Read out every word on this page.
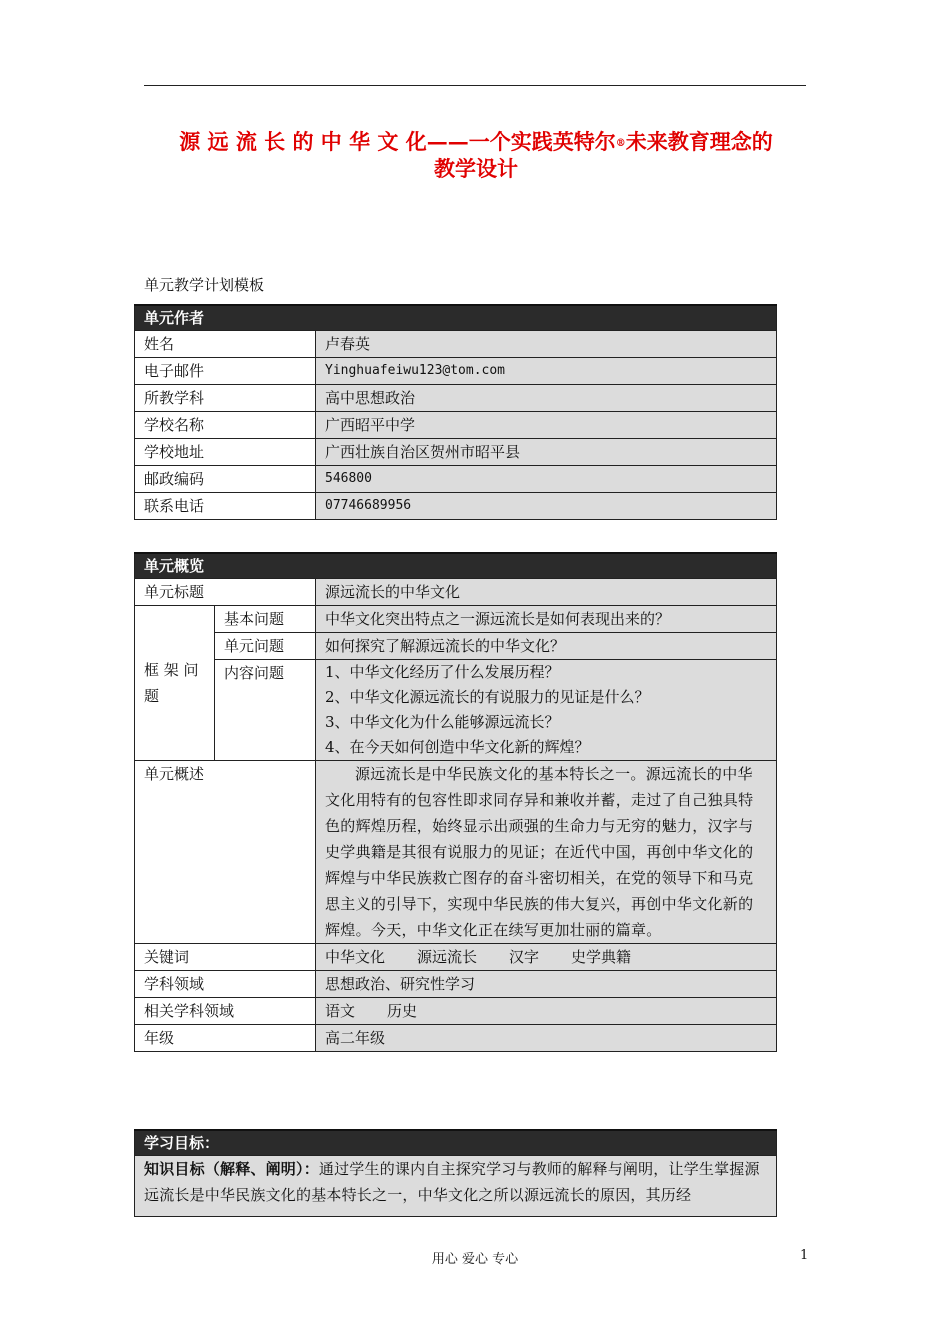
源 远 流 长 的 中 华 文 化——一个实践英特尔®未来教育理念的
教学设计
单元教学计划模板
单元作者	
姓名	卢春英
电子邮件	Yinghuafeiwu123@tom.com
所教学科	高中思想政治
学校名称	广西昭平中学
学校地址	广西壮族自治区贺州市昭平县
邮政编码	546800
联系电话	07746689956
单元概览		
单元标题		源远流长的中华文化
框 架 问 题	基本问题	中华文化突出特点之一源远流长是如何表现出来的？
	单元问题	如何探究了解源远流长的中华文化？
	内容问题	1、中华文化经历了什么发展历程？
2、中华文化源远流长的有说服力的见证是什么？
3、中华文化为什么能够源远流长？
4、在今天如何创造中华文化新的辉煌？

单元概述		源远流长是中华民族文化的基本特长之一。源远流长的中华文化用特有的包容性即求同存异和兼收并蓄，走过了自己独具特色的辉煌历程，始终显示出顽强的生命力与无穷的魅力，汉字与史学典籍是其很有说服力的见证；在近代中国，再创中华文化的辉煌与中华民族救亡图存的奋斗密切相关，在党的领导下和马克思主义的引导下，实现中华民族的伟大复兴，再创中华文化新的辉煌。今天，中华文化正在续写更加壮丽的篇章。
关键词		中华文化 源远流长 汉字 史学典籍
学科领域		思想政治、研究性学习
相关学科领域		语文 历史
年级		高二年级
学习目标：
知识目标（解释、阐明）：通过学生的课内自主探究学习与教师的解释与阐明，让学生掌握源远流长是中华民族文化的基本特长之一，中华文化之所以源远流长的原因，其历经
用心 爱心 专心	1
